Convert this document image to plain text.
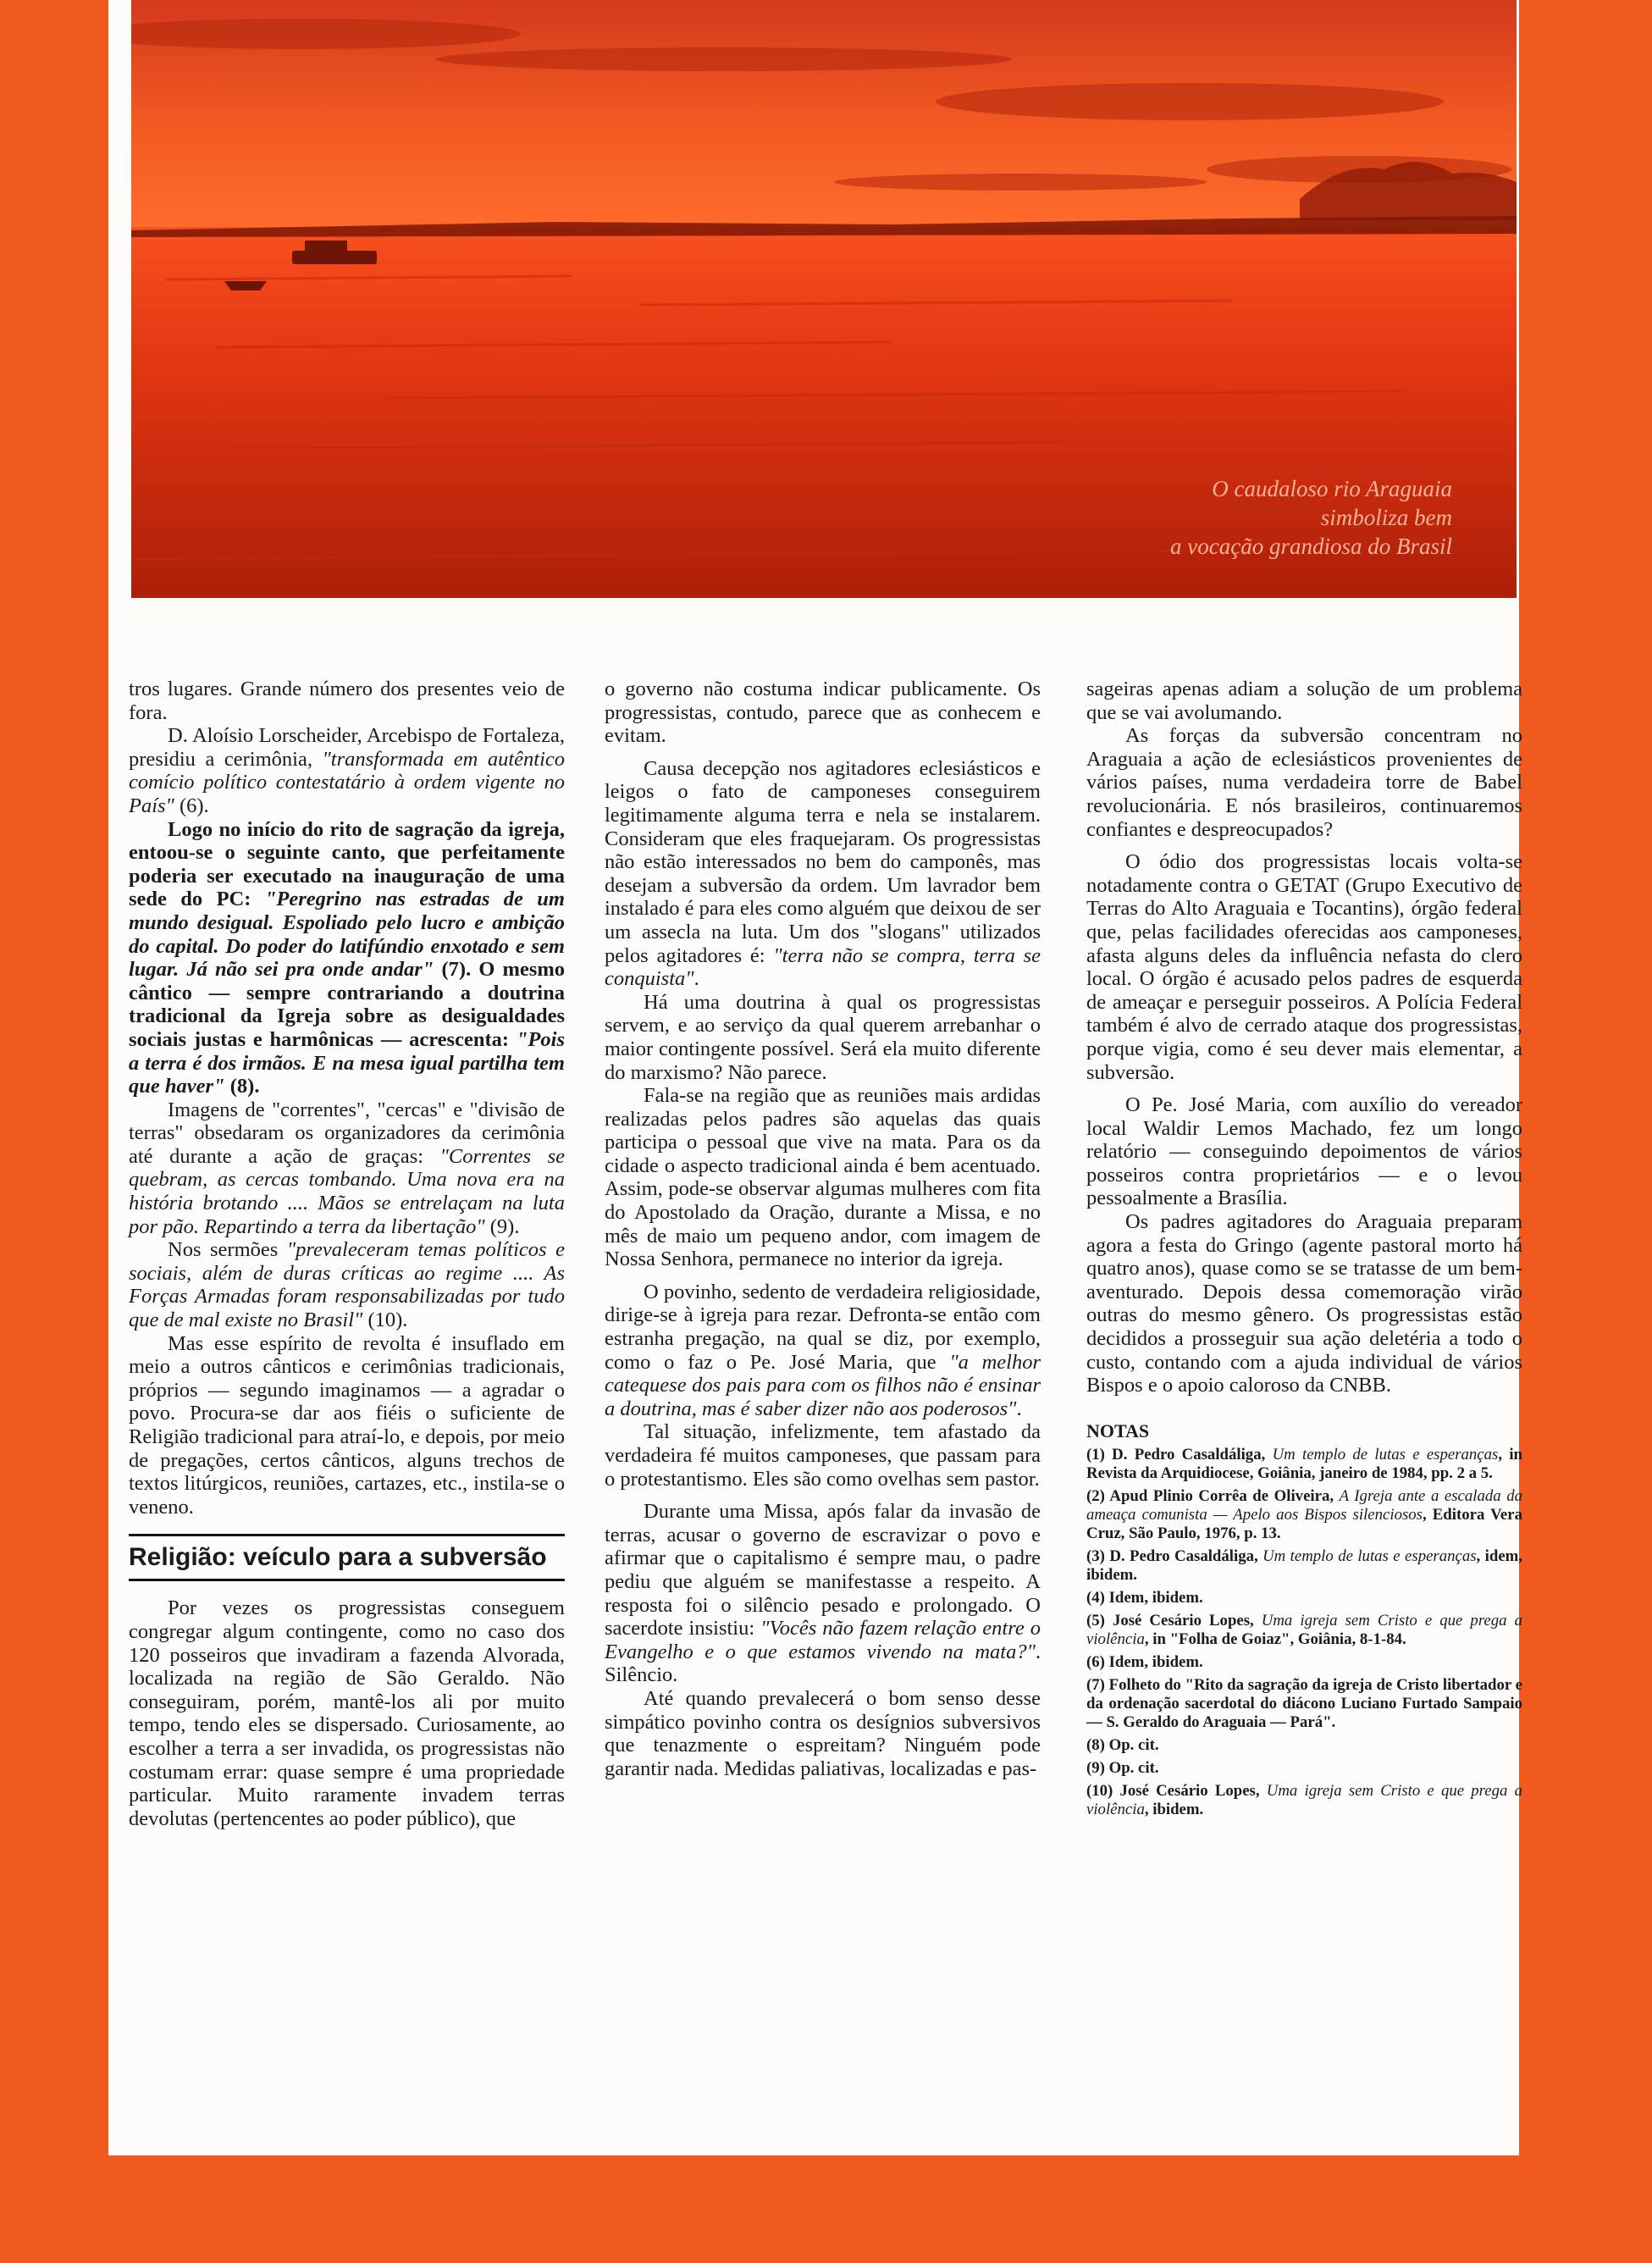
O caudaloso rio Araguaia
simboliza bem
a vocação grandiosa do Brasil

tros lugares. Grande número dos presentes veio de fora.

D. Aloísio Lorscheider, Arcebispo de Fortaleza, presidiu a cerimônia, "transformada em autêntico comício político contestatário à ordem vigente no País" (6).

Logo no início do rito de sagração da igreja, entoou-se o seguinte canto, que perfeitamente poderia ser executado na inauguração de uma sede do PC: "Peregrino nas estradas de um mundo desigual. Espoliado pelo lucro e ambição do capital. Do poder do latifúndio enxotado e sem lugar. Já não sei pra onde andar" (7). O mesmo cântico — sempre contrariando a doutrina tradicional da Igreja sobre as desigualdades sociais justas e harmônicas — acrescenta: "Pois a terra é dos irmãos. E na mesa igual partilha tem que haver" (8).

Imagens de "correntes", "cercas" e "divisão de terras" obsedaram os organizadores da cerimônia até durante a ação de graças: "Correntes se quebram, as cercas tombando. Uma nova era na história brotando .... Mãos se entrelaçam na luta por pão. Repartindo a terra da libertação" (9).

Nos sermões "prevaleceram temas políticos e sociais, além de duras críticas ao regime .... As Forças Armadas foram responsabilizadas por tudo que de mal existe no Brasil" (10).

Mas esse espírito de revolta é insuflado em meio a outros cânticos e cerimônias tradicionais, próprios — segundo imaginamos — a agradar o povo. Procura-se dar aos fiéis o suficiente de Religião tradicional para atraí-lo, e depois, por meio de pregações, certos cânticos, alguns trechos de textos litúrgicos, reuniões, cartazes, etc., instila-se o veneno.

Religião: veículo para a subversão

Por vezes os progressistas conseguem congregar algum contingente, como no caso dos 120 posseiros que invadiram a fazenda Alvorada, localizada na região de São Geraldo. Não conseguiram, porém, mantê-los ali por muito tempo, tendo eles se dispersado. Curiosamente, ao escolher a terra a ser invadida, os progressistas não costumam errar: quase sempre é uma propriedade particular. Muito raramente invadem terras devolutas (pertencentes ao poder público), que

o governo não costuma indicar publicamente. Os progressistas, contudo, parece que as conhecem e evitam.

Causa decepção nos agitadores eclesiásticos e leigos o fato de camponeses conseguirem legitimamente alguma terra e nela se instalarem. Consideram que eles fraquejaram. Os progressistas não estão interessados no bem do camponês, mas desejam a subversão da ordem. Um lavrador bem instalado é para eles como alguém que deixou de ser um assecla na luta. Um dos "slogans" utilizados pelos agitadores é: "terra não se compra, terra se conquista".

Há uma doutrina à qual os progressistas servem, e ao serviço da qual querem arrebanhar o maior contingente possível. Será ela muito diferente do marxismo? Não parece.

Fala-se na região que as reuniões mais ardidas realizadas pelos padres são aquelas das quais participa o pessoal que vive na mata. Para os da cidade o aspecto tradicional ainda é bem acentuado. Assim, pode-se observar algumas mulheres com fita do Apostolado da Oração, durante a Missa, e no mês de maio um pequeno andor, com imagem de Nossa Senhora, permanece no interior da igreja.

O povinho, sedento de verdadeira religiosidade, dirige-se à igreja para rezar. Defronta-se então com estranha pregação, na qual se diz, por exemplo, como o faz o Pe. José Maria, que "a melhor catequese dos pais para com os filhos não é ensinar a doutrina, mas é saber dizer não aos poderosos".

Tal situação, infelizmente, tem afastado da verdadeira fé muitos camponeses, que passam para o protestantismo. Eles são como ovelhas sem pastor.

Durante uma Missa, após falar da invasão de terras, acusar o governo de escravizar o povo e afirmar que o capitalismo é sempre mau, o padre pediu que alguém se manifestasse a respeito. A resposta foi o silêncio pesado e prolongado. O sacerdote insistiu: "Vocês não fazem relação entre o Evangelho e o que estamos vivendo na mata?". Silêncio.

Até quando prevalecerá o bom senso desse simpático povinho contra os desígnios subversivos que tenazmente o espreitam? Ninguém pode garantir nada. Medidas paliativas, localizadas e pas-

sageiras apenas adiam a solução de um problema que se vai avolumando.

As forças da subversão concentram no Araguaia a ação de eclesiásticos provenientes de vários países, numa verdadeira torre de Babel revolucionária. E nós brasileiros, continuaremos confiantes e despreocupados?

O ódio dos progressistas locais volta-se notadamente contra o GETAT (Grupo Executivo de Terras do Alto Araguaia e Tocantins), órgão federal que, pelas facilidades oferecidas aos camponeses, afasta alguns deles da influência nefasta do clero local. O órgão é acusado pelos padres de esquerda de ameaçar e perseguir posseiros. A Polícia Federal também é alvo de cerrado ataque dos progressistas, porque vigia, como é seu dever mais elementar, a subversão.

O Pe. José Maria, com auxílio do vereador local Waldir Lemos Machado, fez um longo relatório — conseguindo depoimentos de vários posseiros contra proprietários — e o levou pessoalmente a Brasília.

Os padres agitadores do Araguaia preparam agora a festa do Gringo (agente pastoral morto há quatro anos), quase como se se tratasse de um bem-aventurado. Depois dessa comemoração virão outras do mesmo gênero. Os progressistas estão decididos a prosseguir sua ação deletéria a todo o custo, contando com a ajuda individual de vários Bispos e o apoio caloroso da CNBB.

NOTAS

(1) D. Pedro Casaldáliga, Um templo de lutas e esperanças, in Revista da Arquidiocese, Goiânia, janeiro de 1984, pp. 2 a 5.

(2) Apud Plinio Corrêa de Oliveira, A Igreja ante a escalada da ameaça comunista — Apelo aos Bispos silenciosos, Editora Vera Cruz, São Paulo, 1976, p. 13.

(3) D. Pedro Casaldáliga, Um templo de lutas e esperanças, idem, ibidem.

(4) Idem, ibidem.

(5) José Cesário Lopes, Uma igreja sem Cristo e que prega a violência, in "Folha de Goiaz", Goiânia, 8-1-84.

(6) Idem, ibidem.

(7) Folheto do "Rito da sagração da igreja de Cristo libertador e da ordenação sacerdotal do diácono Luciano Furtado Sampaio — S. Geraldo do Araguaia — Pará".

(8) Op. cit.

(9) Op. cit.

(10) José Cesário Lopes, Uma igreja sem Cristo e que prega a violência, ibidem.
